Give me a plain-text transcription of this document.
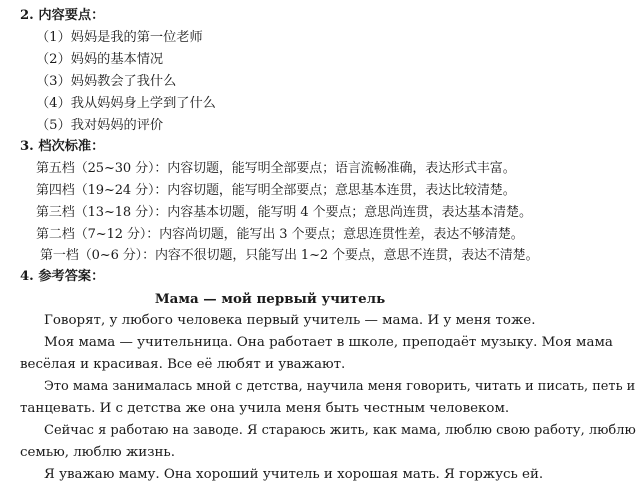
2. 内容要点：
（1）妈妈是我的第一位老师
（2）妈妈的基本情况
（3）妈妈教会了我什么
（4）我从妈妈身上学到了什么
（5）我对妈妈的评价
3. 档次标准：
第五档（25~30 分）：内容切题，能写明全部要点；语言流畅准确，表达形式丰富。
第四档（19~24 分）：内容切题，能写明全部要点；意思基本连贯，表达比较清楚。
第三档（13~18 分）：内容基本切题，能写明 4 个要点；意思尚连贯，表达基本清楚。
第二档（7~12 分）：内容尚切题，能写出 3 个要点；意思连贯性差，表达不够清楚。
第一档（0~6 分）：内容不很切题，只能写出 1~2 个要点，意思不连贯，表达不清楚。
4. 参考答案：
Мама — мой первый учитель
Говорят, у любого человека первый учитель — мама. И у меня тоже.
Моя мама — учительница. Она работает в школе, преподаёт музыку. Моя мама
весёлая и красивая. Все её любят и уважают.
Это мама занималась мной с детства, научила меня говорить, читать и писать, петь и
танцевать. И с детства же она учила меня быть честным человеком.
Сейчас я работаю на заводе. Я стараюсь жить, как мама, люблю свою работу, люблю
семью, люблю жизнь.
Я уважаю маму. Она хороший учитель и хорошая мать. Я горжусь ей.
